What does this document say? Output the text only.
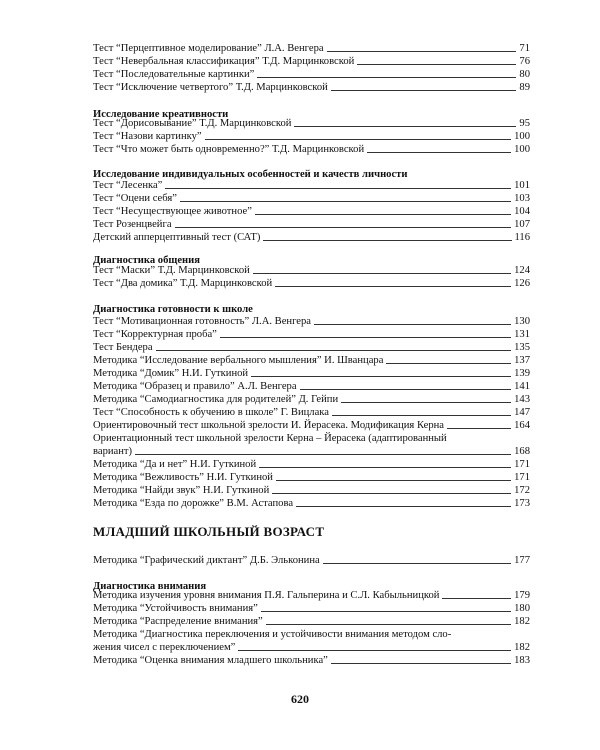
Исследование креативности
Исследование индивидуальных особенностей и качеств личности
Диагностика общения
Диагностика готовности к школе
МЛАДШИЙ ШКОЛЬНЫЙ ВОЗРАСТ
Диагностика внимания
Тест “Перцептивное моделирование” Л.А. Венгера	71
Тест “Невербальная классификация” Т.Д. Марцинковской	76
Тест “Последовательные картинки”	80
Тест “Исключение четвертого” Т.Д. Марцинковской	89
Тест “Дорисовывание” Т.Д. Марцинковской	95
Тест “Назови картинку”	100
Тест “Что может быть одновременно?” Т.Д. Марцинковской	100
Тест “Лесенка”	101
Тест “Оцени себя”	103
Тест “Несуществующее животное”	104
Тест Розенцвейга	107
Детский апперцептивный тест (САТ)	116
Тест “Маски” Т.Д. Марцинковской	124
Тест “Два домика” Т.Д. Марцинковской	126
Тест “Мотивационная готовность” Л.А. Венгера	130
Тест “Корректурная проба”	131
Тест Бендера	135
Методика “Исследование вербального мышления” И. Шванцара	137
Методика “Домик” Н.И. Гуткиной	139
Методика “Образец и правило” А.Л. Венгера	141
Методика “Самодиагностика для родителей” Д. Гейпи	143
Тест “Способность к обучению в школе” Г. Вицлака	147
Ориентировочный тест школьной зрелости И. Йерасека. Модификация Керна	164
Ориентационный тест школьной зрелости Керна – Йерасека (адаптированный
вариант)	168
Методика “Да и нет” Н.И. Гуткиной	171
Методика “Вежливость” Н.И. Гуткиной	171
Методика “Найди звук” Н.И. Гуткиной	172
Методика “Езда по дорожке” В.М. Астапова	173
Методика “Графический диктант” Д.Б. Эльконина	177
Методика изучения уровня внимания П.Я. Гальперина и С.Л. Кабыльницкой	179
Методика “Устойчивость внимания”	180
Методика “Распределение внимания”	182
Методика “Диагностика переключения и устойчивости внимания методом сло-
жения чисел с переключением”	182
Методика “Оценка внимания младшего школьника”	183
620
